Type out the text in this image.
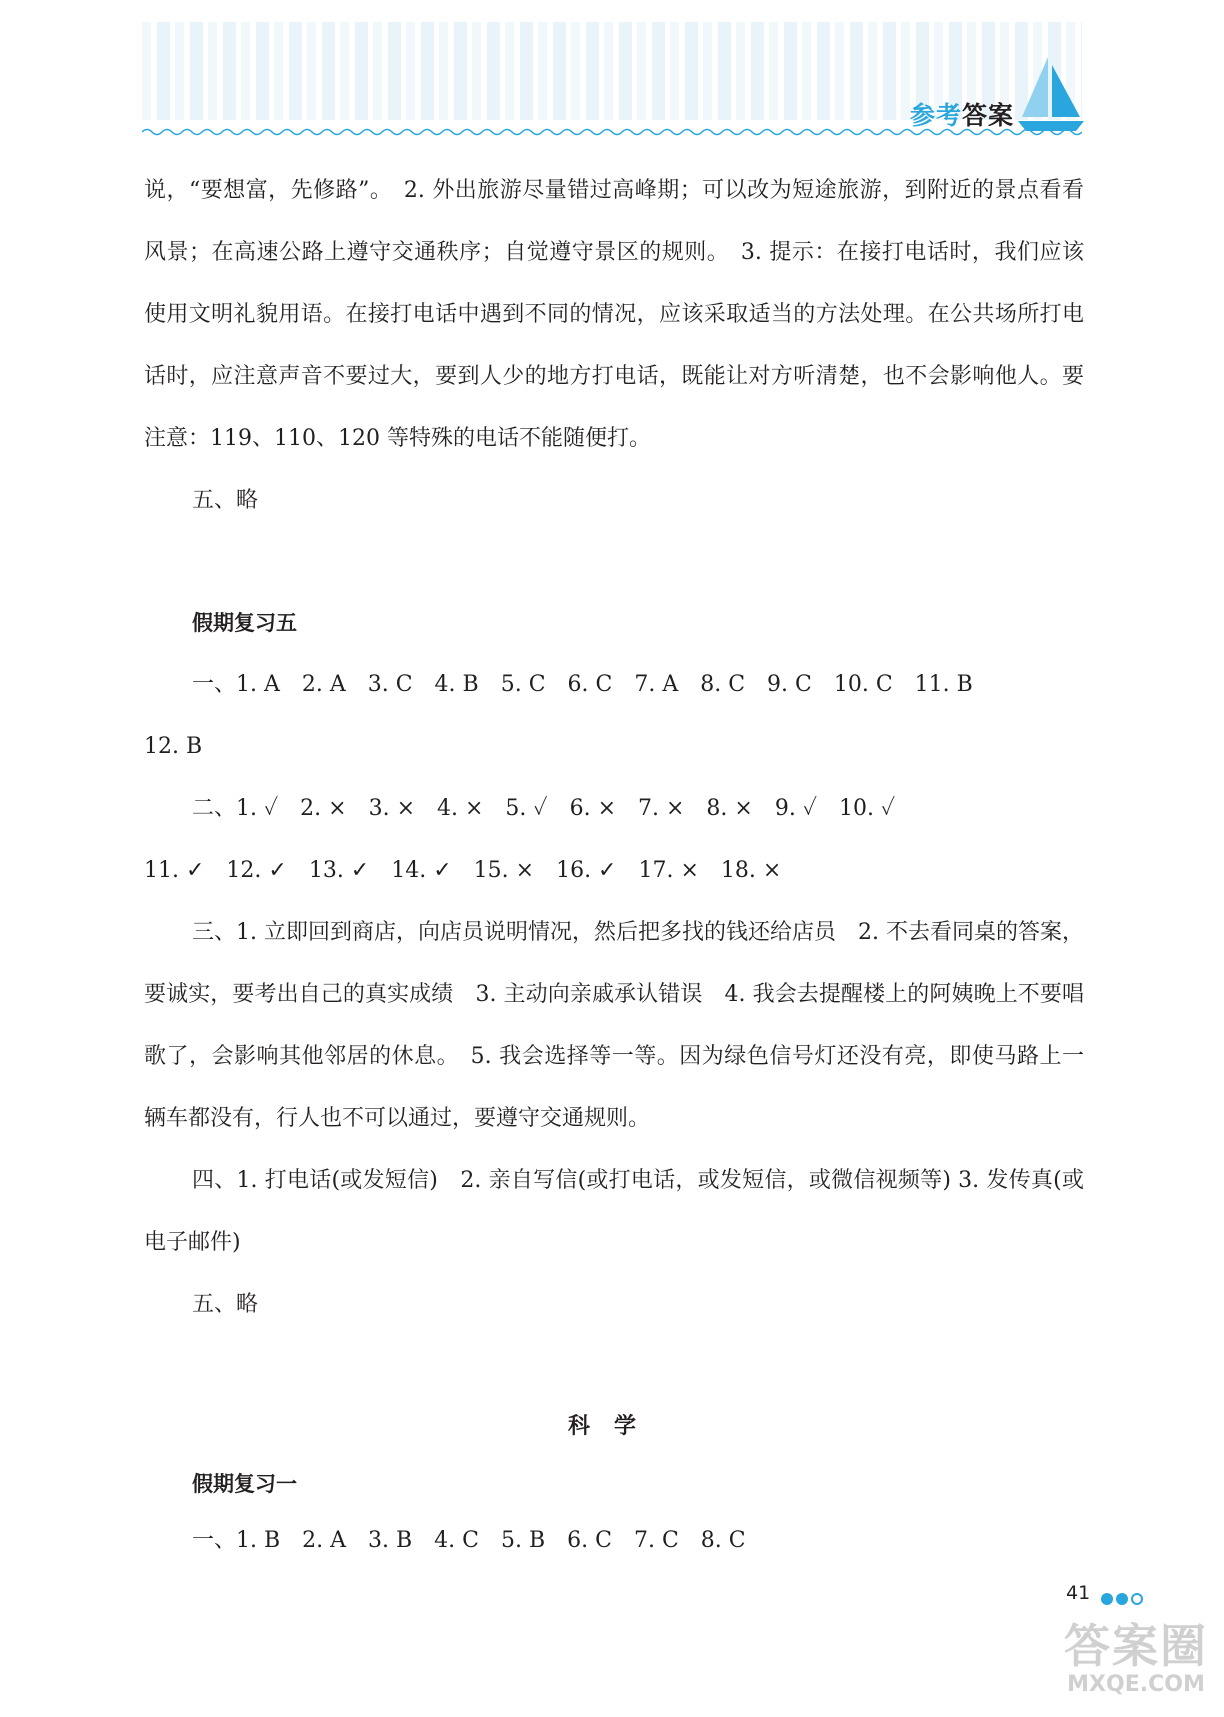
参考答案

说，“要想富，先修路”。　2. 外出旅游尽量错过高峰期；可以改为短途旅游，到附近的景点看看风景；在高速公路上遵守交通秩序；自觉遵守景区的规则。　3. 提示：在接打电话时，我们应该使用文明礼貌用语。在接打电话中遇到不同的情况，应该采取适当的方法处理。在公共场所打电话时，应注意声音不要过大，要到人少的地方打电话，既能让对方听清楚，也不会影响他人。要注意：119、110、120 等特殊的电话不能随便打。

五、略
假期复习五
一、1. A　2. A　3. C　4. B　5. C　6. C　7. A　8. C　9. C　10. C　11. B
12. B
二、1. ✓　2. ×　3. ×　4. ×　5. ✓　6. ×　7. ×　8. ×　9. ✓　10. ✓
11. ✓　12. ✓　13. ✓　14. ✓　15. ×　16. ✓　17. ×　18. ×

三、1. 立即回到商店，向店员说明情况，然后把多找的钱还给店员　2. 不去看同桌的答案，要诚实，要考出自己的真实成绩　3. 主动向亲戚承认错误　4. 我会去提醒楼上的阿姨晚上不要唱歌了，会影响其他邻居的休息。　5. 我会选择等一等。因为绿色信号灯还没有亮，即使马路上一辆车都没有，行人也不可以通过，要遵守交通规则。

四、1. 打电话(或发短信)　2. 亲自写信(或打电话，或发短信，或微信视频等) 3. 发传真(或电子邮件)

五、略
科学
假期复习一
一、1. B　2. A　3. B　4. C　5. B　6. C　7. C　8. C
41
答案圈
MXQE.COM
